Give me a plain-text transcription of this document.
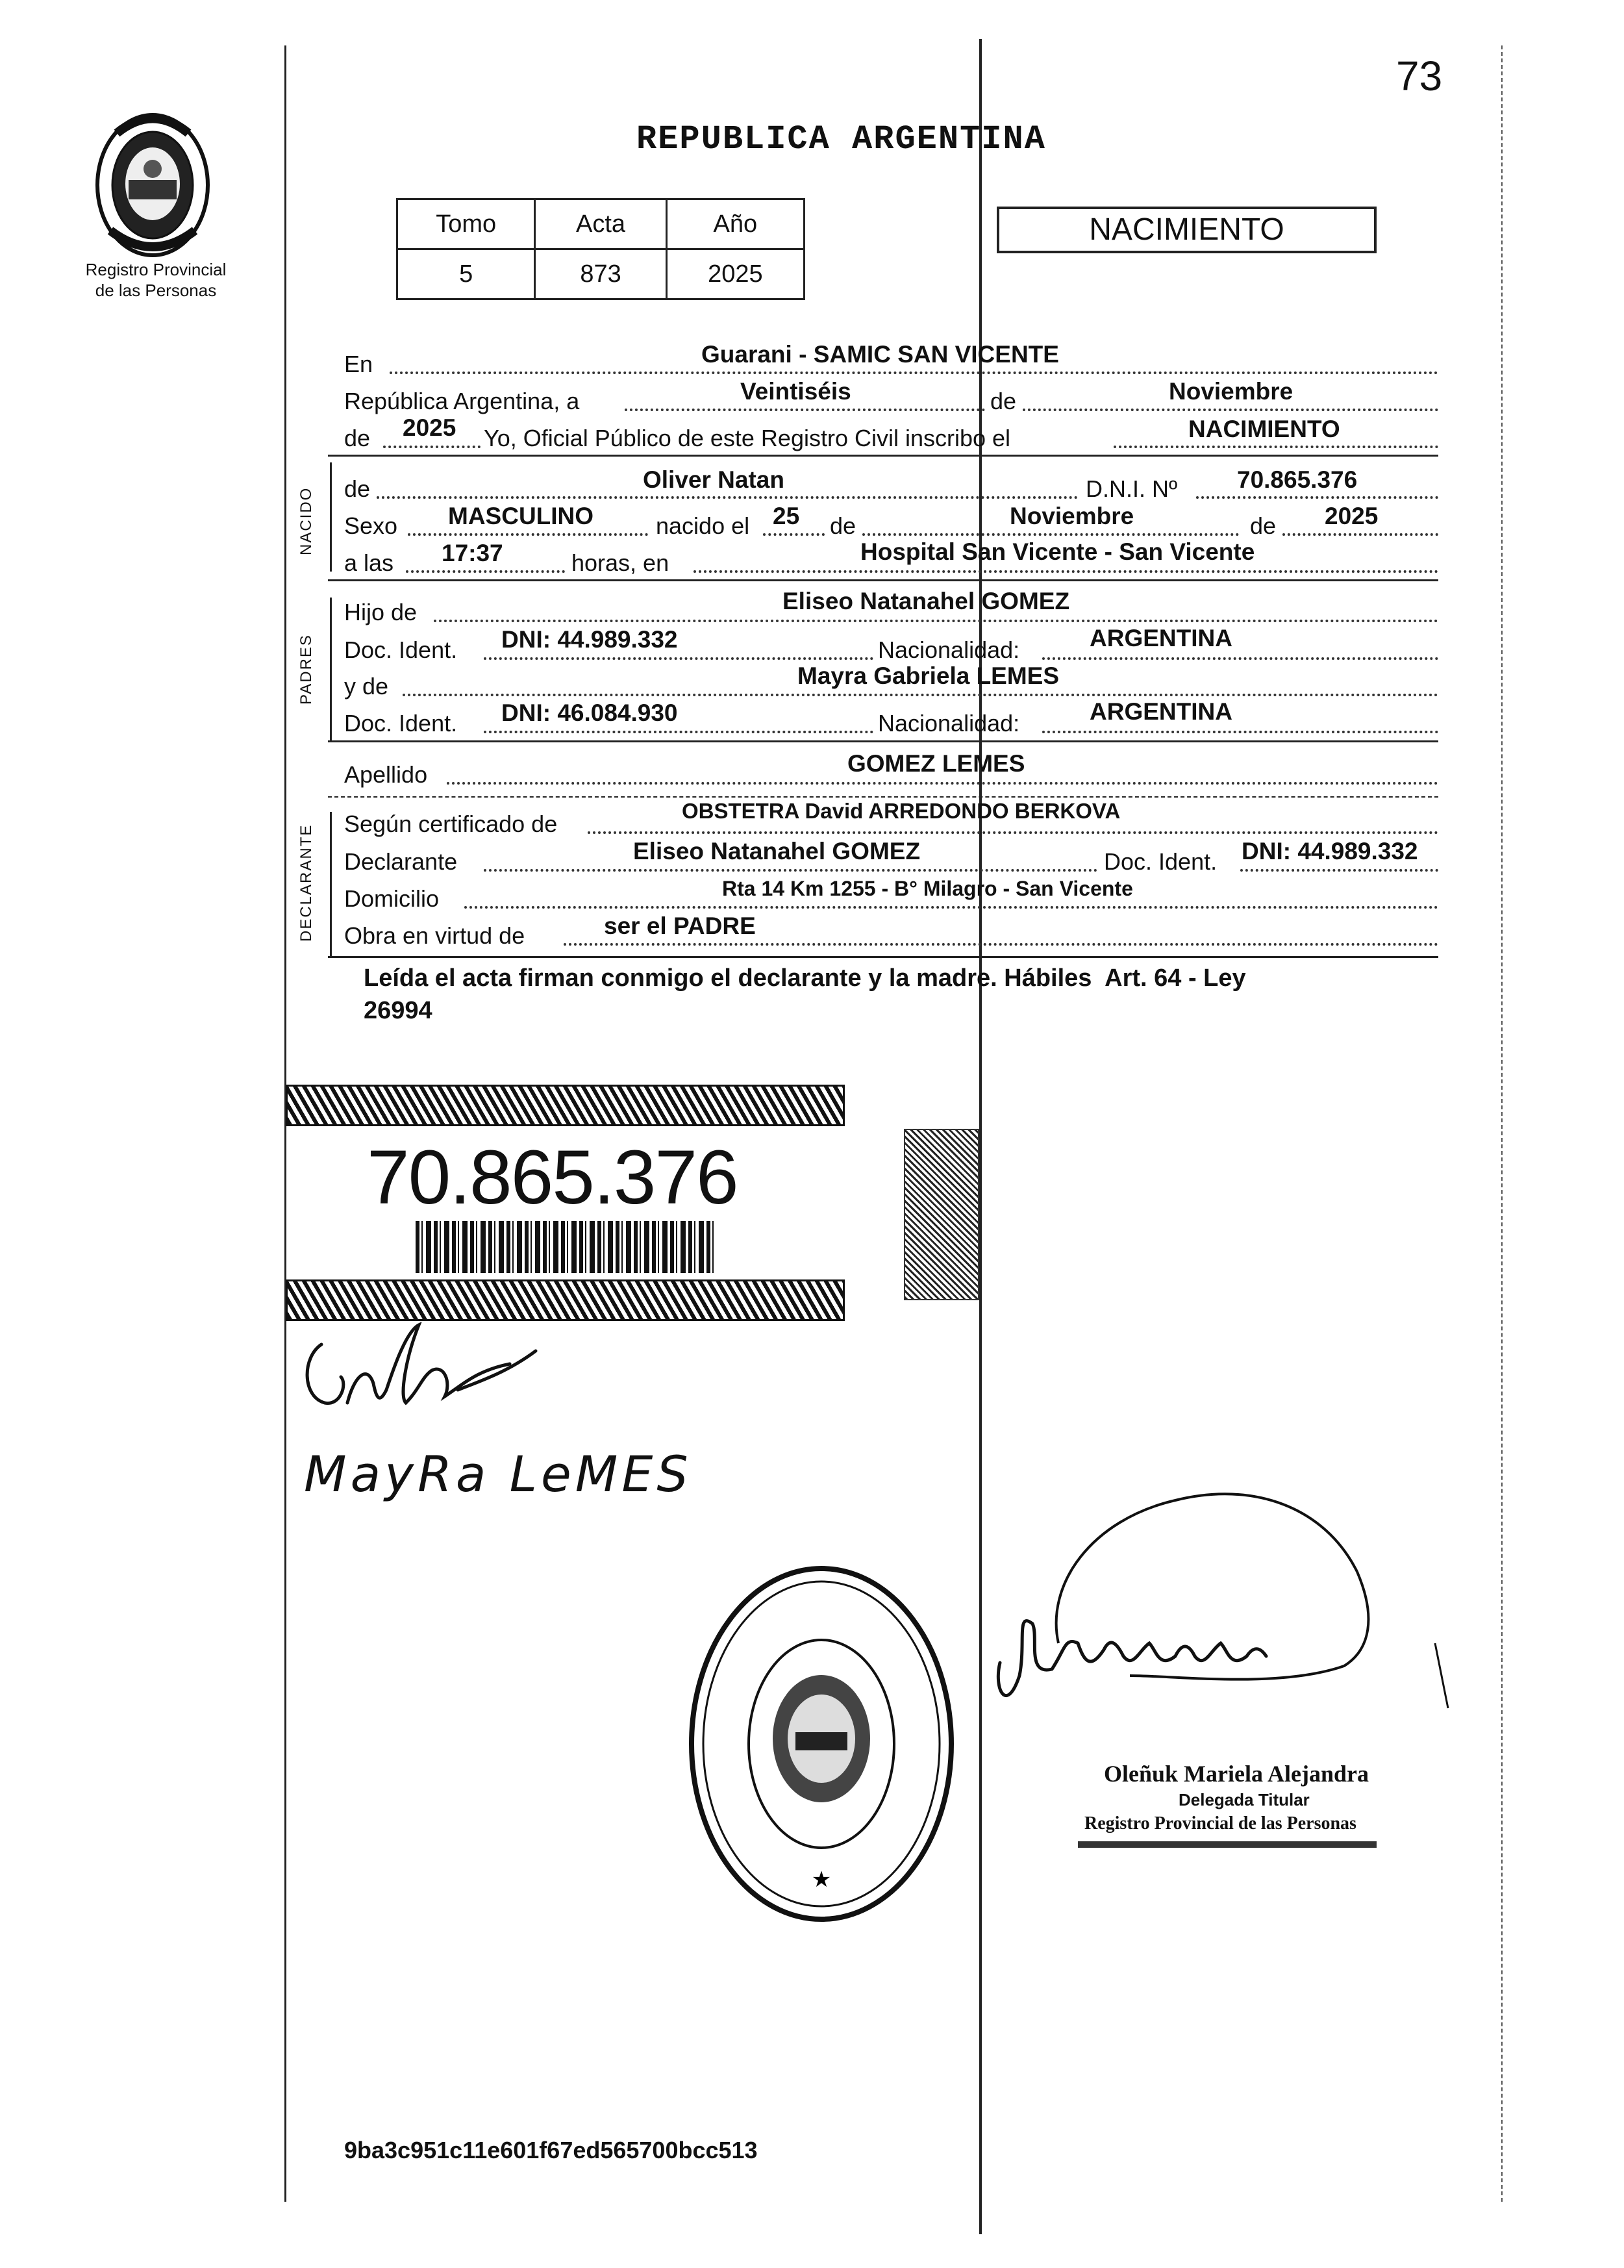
73
Registro Provincial
de las Personas
REPUBLICA ARGENTINA
Tomo	Acta	Año
5	873	2025
NACIMIENTO
En	Guarani - SAMIC SAN VICENTE
República Argentina, a	Veintiséis	de	Noviembre
de 2025 Yo, Oficial Público de este Registro Civil inscribo el	NACIMIENTO
NACIDO de	Oliver Natan	D.N.I. Nº 70.865.376
Sexo MASCULINO	nacido el 25 de	Noviembre	de 2025
a las 17:37	horas, en	Hospital San Vicente - San Vicente
PADRES
Hijo de	Eliseo Natanahel GOMEZ
Doc. Ident. DNI: 44.989.332	Nacionalidad:	ARGENTINA
y de	Mayra Gabriela LEMES
Doc. Ident. DNI: 46.084.930	Nacionalidad:	ARGENTINA
Apellido	GOMEZ LEMES
DECLARANTE
Según certificado de	OBSTETRA David ARREDONDO BERKOVA
Declarante	Eliseo Natanahel GOMEZ	Doc. Ident. DNI: 44.989.332
Domicilio	Rta 14 Km 1255 - B° Milagro - San Vicente
Obra en virtud de	ser el PADRE
Leída el acta firman conmigo el declarante y la madre. Hábiles  Art. 64 - Ley
26994
70.865.376
MayRa LeMES
★
Oleñuk Mariela Alejandra
Delegada Titular
Registro Provincial de las Personas
9ba3c951c11e601f67ed565700bcc513
